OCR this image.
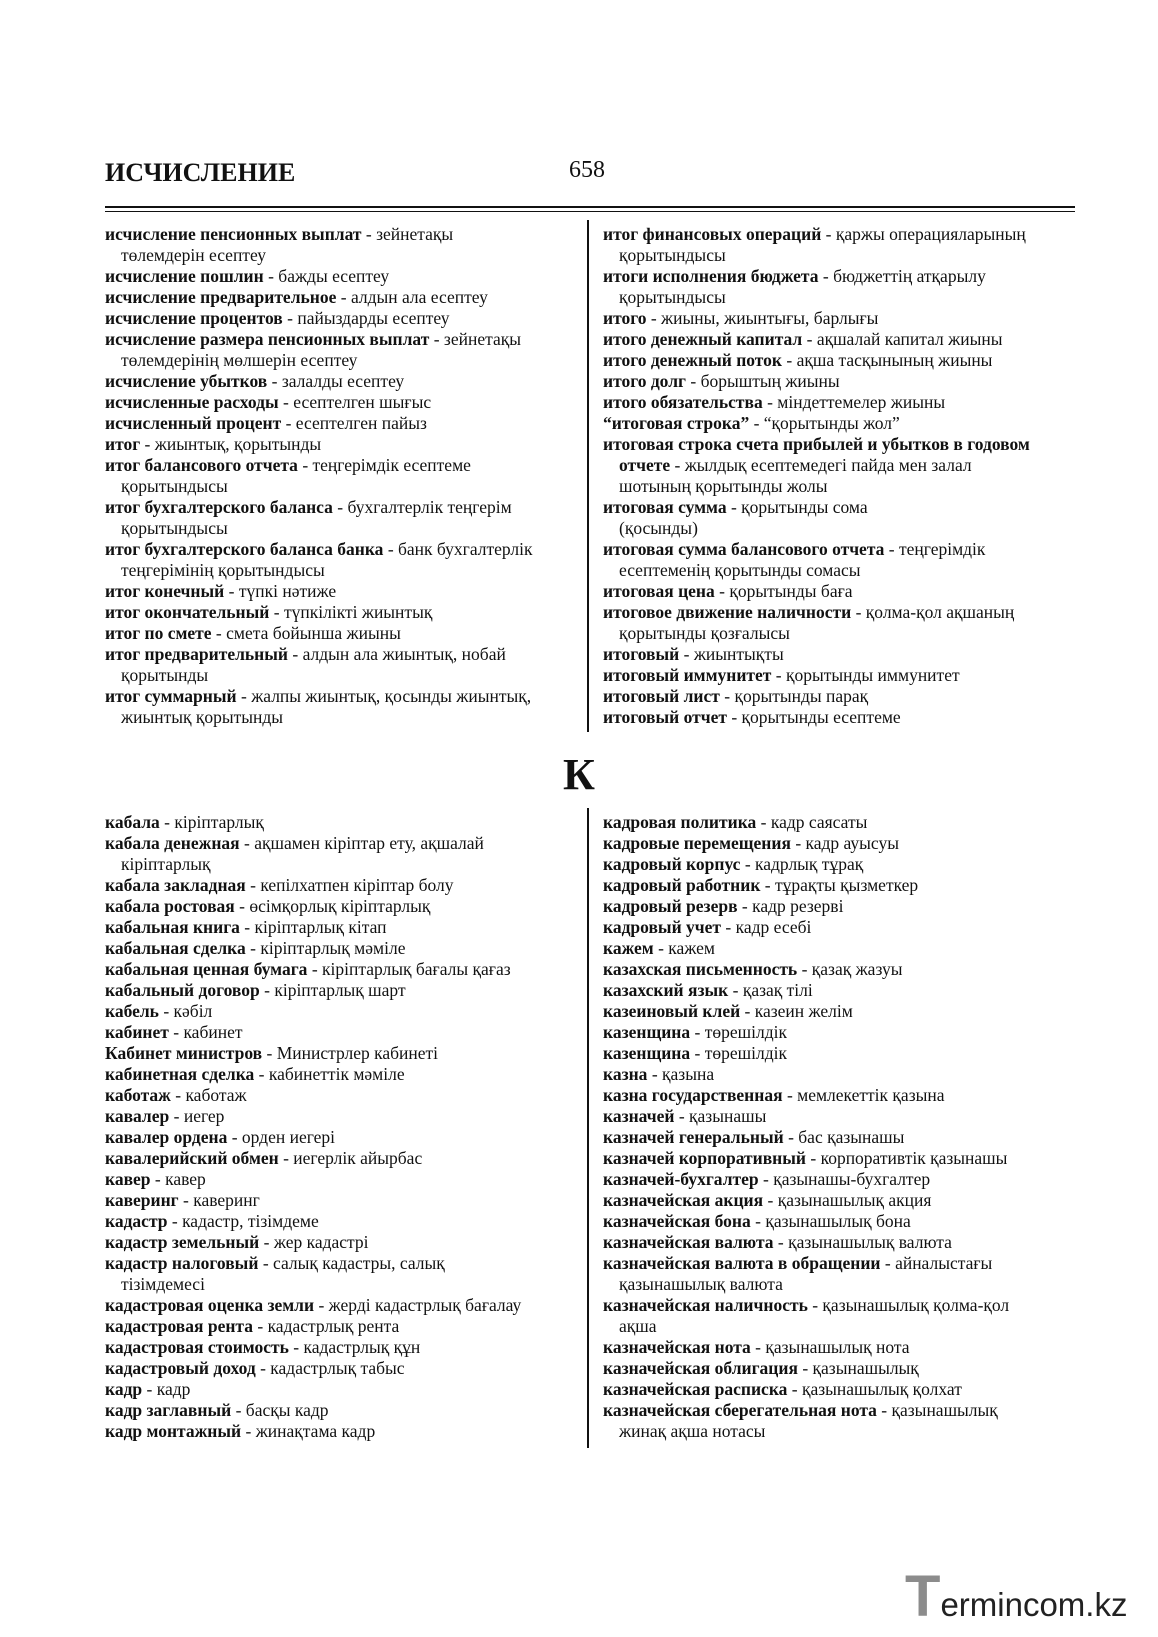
ИСЧИСЛЕНИЕ	658
исчисление пенсионных выплат - зейнетақы
төлемдерін есептеу
исчисление пошлин - бажды есептеу
исчисление предварительное - алдын ала есептеу
исчисление процентов - пайыздарды есептеу
исчисление размера пенсионных выплат - зейнетақы
төлемдерінің мөлшерін есептеу
исчисление убытков - залалды есептеу
исчисленные расходы - есептелген шығыс
исчисленный процент - есептелген пайыз
итог - жиынтық, қорытынды
итог балансового отчета - теңгерімдік есептеме
қорытындысы
итог бухгалтерского баланса - бухгалтерлік теңгерім
қорытындысы
итог бухгалтерского баланса банка - банк бухгалтерлік
теңгерімінің қорытындысы
итог конечный - түпкі нәтиже
итог окончательный - түпкілікті жиынтық
итог по смете - смета бойынша жиыны
итог предварительный - алдын ала жиынтық, нобай
қорытынды
итог суммарный - жалпы жиынтық, қосынды жиынтық,
жиынтық қорытынды
итог финансовых операций - қаржы операцияларының
қорытындысы
итоги исполнения бюджета - бюджеттің атқарылу
қорытындысы
итого - жиыны, жиынтығы, барлығы
итого денежный капитал - ақшалай капитал жиыны
итого денежный поток - ақша тасқынының жиыны
итого долг - борыштың жиыны
итого обязательства - міндеттемелер жиыны
“итоговая строка” - “қорытынды жол”
итоговая строка счета прибылей и убытков в годовом
отчете - жылдық есептемедегі пайда мен залал
шотының қорытынды жолы
итоговая сумма - қорытынды сома
(қосынды)
итоговая сумма балансового отчета - теңгерімдік
есептеменің қорытынды сомасы
итоговая цена - қорытынды баға
итоговое движение наличности - қолма-қол ақшаның
қорытынды қозғалысы
итоговый - жиынтықты
итоговый иммунитет - қорытынды иммунитет
итоговый лист - қорытынды парақ
итоговый отчет - қорытынды есептеме
К
кабала - кіріптарлық
кабала денежная - ақшамен кіріптар ету, ақшалай
кіріптарлық
кабала закладная - кепілхатпен кіріптар болу
кабала ростовая - өсімқорлық кіріптарлық
кабальная книга - кіріптарлық кітап
кабальная сделка - кіріптарлық мәміле
кабальная ценная бумага - кіріптарлық бағалы қағаз
кабальный договор - кіріптарлық шарт
кабель - кәбіл
кабинет - кабинет
Кабинет министров - Министрлер кабинеті
кабинетная сделка - кабинеттік мәміле
каботаж - каботаж
кавалер - иегер
кавалер ордена - орден иегері
кавалерийский обмен - иегерлік айырбас
кавер - кавер
каверинг - каверинг
кадастр - кадастр, тізімдеме
кадастр земельный - жер кадастрі
кадастр налоговый - салық кадастры, салық
тізімдемесі
кадастровая оценка земли - жерді кадастрлық бағалау
кадастровая рента - кадастрлық рента
кадастровая стоимость - кадастрлық құн
кадастровый доход - кадастрлық табыс
кадр - кадр
кадр заглавный - басқы кадр
кадр монтажный - жинақтама кадр
кадровая политика - кадр саясаты
кадровые перемещения - кадр ауысуы
кадровый корпус - кадрлық тұрақ
кадровый работник - тұрақты қызметкер
кадровый резерв - кадр резерві
кадровый учет - кадр есебі
кажем - кажем
казахская письменность - қазақ жазуы
казахский язык - қазақ тілі
казеиновый клей - казеин желім
казенщина - төрешілдік
казенщина - төрешілдік
казна - қазына
казна государственная - мемлекеттік қазына
казначей - қазынашы
казначей генеральный - бас қазынашы
казначей корпоративный - корпоративтік қазынашы
казначей-бухгалтер - қазынашы-бухгалтер
казначейская акция - қазынашылық акция
казначейская бона - қазынашылық бона
казначейская валюта - қазынашылық валюта
казначейская валюта в обращении - айналыстағы
қазынашылық валюта
казначейская наличность - қазынашылық қолма-қол
ақша
казначейская нота - қазынашылық нота
казначейская облигация - қазынашылық
казначейская расписка - қазынашылық қолхат
казначейская сберегательная нота - қазынашылық
жинақ ақша нотасы
Termincom.kz
